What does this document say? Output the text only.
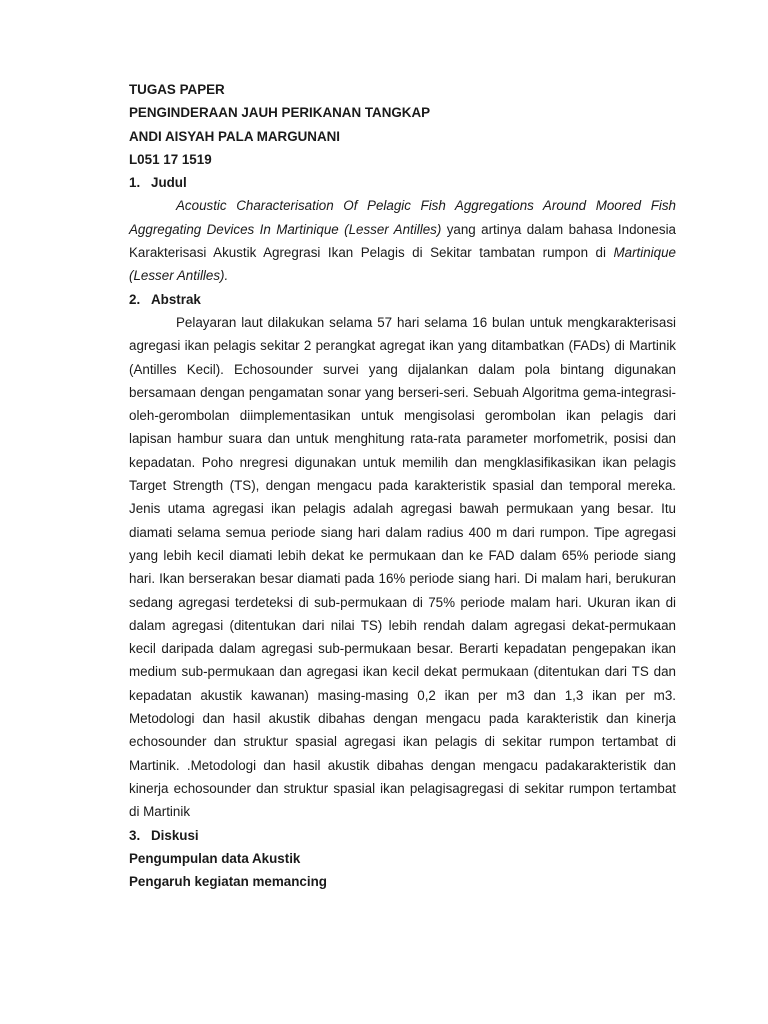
TUGAS PAPER

PENGINDERAAN JAUH PERIKANAN TANGKAP

ANDI AISYAH PALA MARGUNANI

L051 17 1519

1. Judul

Acoustic Characterisation Of Pelagic Fish Aggregations Around Moored Fish Aggregating Devices In Martinique (Lesser Antilles) yang artinya dalam bahasa Indonesia Karakterisasi Akustik Agregrasi Ikan Pelagis di Sekitar tambatan rumpon di Martinique (Lesser Antilles).

2. Abstrak

Pelayaran laut dilakukan selama 57 hari selama 16 bulan untuk mengkarakterisasi agregasi ikan pelagis sekitar 2 perangkat agregat ikan yang ditambatkan (FADs) di Martinik (Antilles Kecil). Echosounder survei yang dijalankan dalam pola bintang digunakan bersamaan dengan pengamatan sonar yang berseri-seri. Sebuah Algoritma gema-integrasi-oleh-gerombolan diimplementasikan untuk mengisolasi gerombolan ikan pelagis dari lapisan hambur suara dan untuk menghitung rata-rata parameter morfometrik, posisi dan kepadatan. Poho nregresi digunakan untuk memilih dan mengklasifikasikan ikan pelagis Target Strength (TS), dengan mengacu pada karakteristik spasial dan temporal mereka. Jenis utama agregasi ikan pelagis adalah agregasi bawah permukaan yang besar. Itu diamati selama semua periode siang hari dalam radius 400 m dari rumpon. Tipe agregasi yang lebih kecil diamati lebih dekat ke permukaan dan ke FAD dalam 65% periode siang hari. Ikan berserakan besar diamati pada 16% periode siang hari. Di malam hari, berukuran sedang agregasi terdeteksi di sub-permukaan di 75% periode malam hari. Ukuran ikan di dalam agregasi (ditentukan dari nilai TS) lebih rendah dalam agregasi dekat-permukaan kecil daripada dalam agregasi sub-permukaan besar. Berarti kepadatan pengepakan ikan medium sub-permukaan dan agregasi ikan kecil dekat permukaan (ditentukan dari TS dan kepadatan akustik kawanan) masing-masing 0,2 ikan per m3 dan 1,3 ikan per m3. Metodologi dan hasil akustik dibahas dengan mengacu pada karakteristik dan kinerja echosounder dan struktur spasial agregasi ikan pelagis di sekitar rumpon tertambat di Martinik. .Metodologi dan hasil akustik dibahas dengan mengacu padakarakteristik dan kinerja echosounder dan struktur spasial ikan pelagisagregasi di sekitar rumpon tertambat di Martinik

3. Diskusi

Pengumpulan data Akustik

Pengaruh kegiatan memancing
